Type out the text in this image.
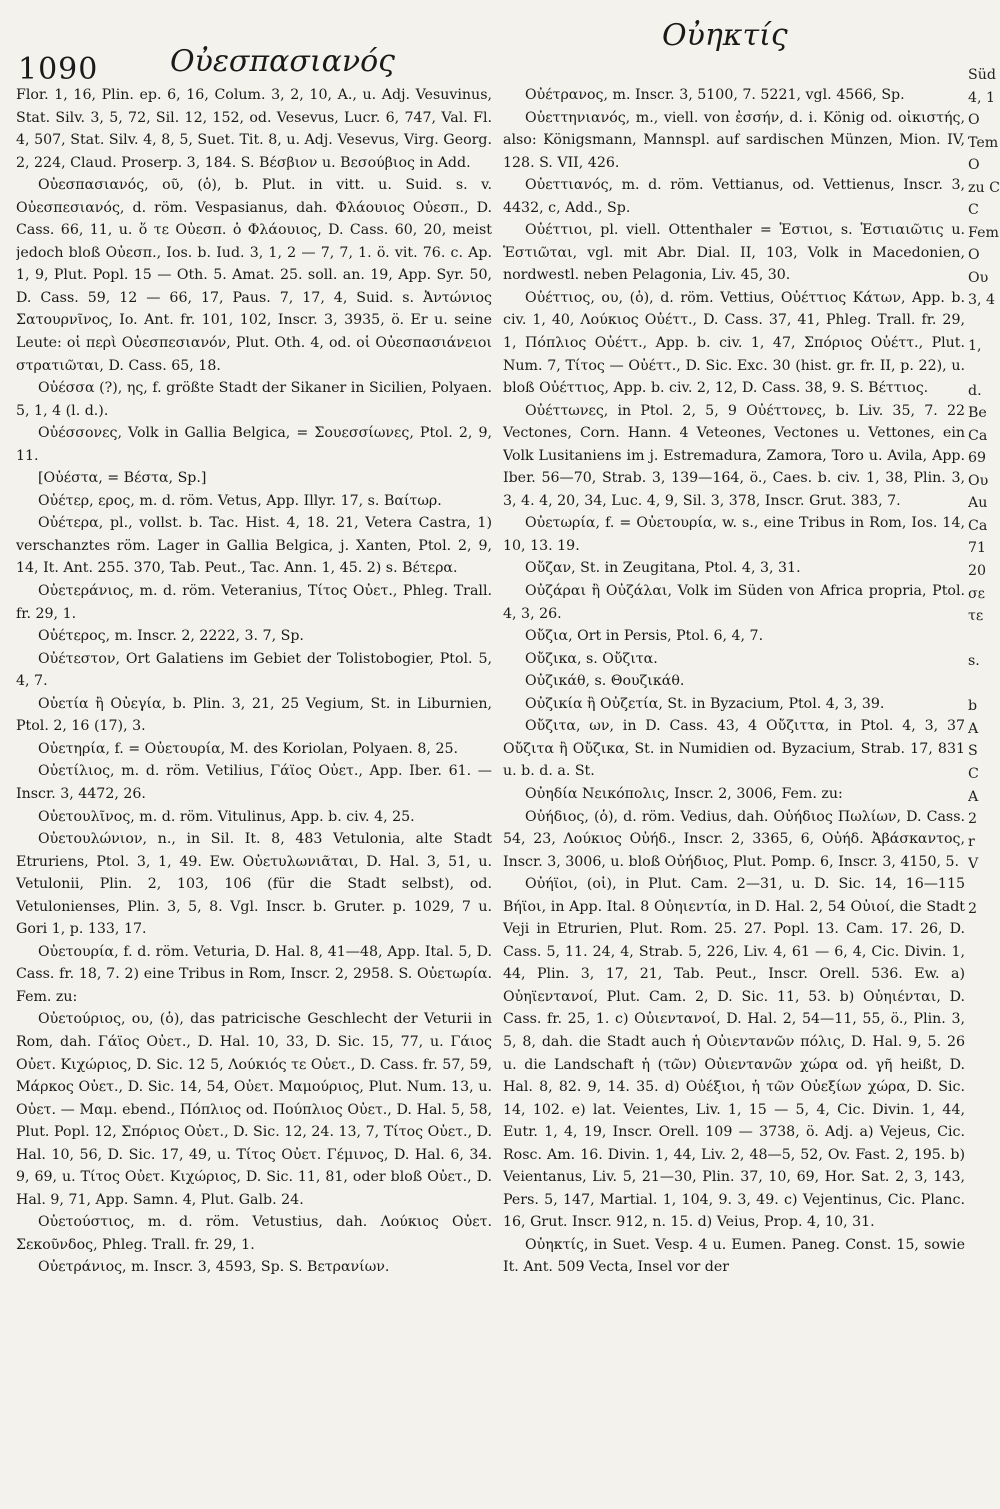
1090 Οὐεσπασιανός
Οὐηκτίς

Flor. 1, 16, Plin. ep. 6, 16, Colum. 3, 2, 10, A., u. Adj. Vesuvinus, Stat. Silv. 3, 5, 72, Sil. 12, 152, od. Vesevus, Lucr. 6, 747, Val. Fl. 4, 507, Stat. Silv. 4, 8, 5, Suet. Tit. 8, u. Adj. Vesevus, Virg. Georg. 2, 224, Claud. Proserp. 3, 184. S. Βέσβιον u. Βεσούβιος in Add.

Οὐεσπασιανός, οῦ, (ὁ), b. Plut. in vitt. u. Suid. s. v. Οὐεσπεσιανός, d. röm. Vespasianus, dah. Φλάουιος Οὐεσπ., D. Cass. 66, 11, u. ὅ τε Οὐεσπ. ὁ Φλάουιος, D. Cass. 60, 20, meist jedoch bloß Οὐεσπ., Ios. b. Iud. 3, 1, 2 — 7, 7, 1. ö. vit. 76. c. Ap. 1, 9, Plut. Popl. 15 — Oth. 5. Amat. 25. soll. an. 19, App. Syr. 50, D. Cass. 59, 12 — 66, 17, Paus. 7, 17, 4, Suid. s. Ἀντώνιος Σατουρνῖνος, Io. Ant. fr. 101, 102, Inscr. 3, 3935, ö. Er u. seine Leute: οἱ περὶ Οὐεσπεσιανόν, Plut. Oth. 4, od. οἱ Οὐεσπασιάνειοι στρατιῶται, D. Cass. 65, 18.

Οὐέσσα (?), ης, f. größte Stadt der Sikaner in Sicilien, Polyaen. 5, 1, 4 (l. d.).

Οὐέσσονες, Volk in Gallia Belgica, = Σουεσσίωνες, Ptol. 2, 9, 11.

[Οὐέστα, = Βέστα, Sp.]

Οὐέτερ, ερος, m. d. röm. Vetus, App. Illyr. 17, s. Βαίτωρ.

Οὐέτερα, pl., vollst. b. Tac. Hist. 4, 18. 21, Vetera Castra, 1) verschanztes röm. Lager in Gallia Belgica, j. Xanten, Ptol. 2, 9, 14, It. Ant. 255. 370, Tab. Peut., Tac. Ann. 1, 45. 2) s. Βέτερα.

Οὐετεράνιος, m. d. röm. Veteranius, Τίτος Οὐετ., Phleg. Trall. fr. 29, 1.

Οὐέτερος, m. Inscr. 2, 2222, 3. 7, Sp.

Οὐέτεστον, Ort Galatiens im Gebiet der Tolistobogier, Ptol. 5, 4, 7.

Οὐετία ἢ Οὐεγία, b. Plin. 3, 21, 25 Vegium, St. in Liburnien, Ptol. 2, 16 (17), 3.

Οὐετηρία, f. = Οὐετουρία, M. des Koriolan, Polyaen. 8, 25.

Οὐετίλιος, m. d. röm. Vetilius, Γάϊος Οὐετ., App. Iber. 61. — Inscr. 3, 4472, 26.

Οὐετουλῖνος, m. d. röm. Vitulinus, App. b. civ. 4, 25.

Οὐετουλώνιον, n., in Sil. It. 8, 483 Vetulonia, alte Stadt Etruriens, Ptol. 3, 1, 49. Ew. Οὐετυλωνιᾶται, D. Hal. 3, 51, u. Vetulonii, Plin. 2, 103, 106 (für die Stadt selbst), od. Vetulonienses, Plin. 3, 5, 8. Vgl. Inscr. b. Gruter. p. 1029, 7 u. Gori 1, p. 133, 17.

Οὐετουρία, f. d. röm. Veturia, D. Hal. 8, 41—48, App. Ital. 5, D. Cass. fr. 18, 7. 2) eine Tribus in Rom, Inscr. 2, 2958. S. Οὐετωρία. Fem. zu:

Οὐετούριος, ου, (ὁ), das patricische Geschlecht der Veturii in Rom, dah. Γάϊος Οὐετ., D. Hal. 10, 33, D. Sic. 15, 77, u. Γάιος Οὐετ. Κιχώριος, D. Sic. 12 5, Λούκιός τε Οὐετ., D. Cass. fr. 57, 59, Μάρκος Οὐετ., D. Sic. 14, 54, Οὐετ. Μαμούριος, Plut. Num. 13, u. Οὐετ. — Μαμ. ebend., Πόπλιος od. Πούπλιος Οὐετ., D. Hal. 5, 58, Plut. Popl. 12, Σπόριος Οὐετ., D. Sic. 12, 24. 13, 7, Τίτος Οὐετ., D. Hal. 10, 56, D. Sic. 17, 49, u. Τίτος Οὐετ. Γέμινος, D. Hal. 6, 34. 9, 69, u. Τίτος Οὐετ. Κιχώριος, D. Sic. 11, 81, oder bloß Οὐετ., D. Hal. 9, 71, App. Samn. 4, Plut. Galb. 24.

Οὐετούστιος, m. d. röm. Vetustius, dah. Λούκιος Οὐετ. Σεκοῦνδος, Phleg. Trall. fr. 29, 1.

Οὐετράνιος, m. Inscr. 3, 4593, Sp. S. Βετρανίων.

Οὐέτρανος, m. Inscr. 3, 5100, 7. 5221, vgl. 4566, Sp.

Οὐεττηνιανός, m., viell. von ἐσσήν, d. i. König od. οἰκιστής, also: Königsmann, Mannspl. auf sardischen Münzen, Mion. IV, 128. S. VII, 426.

Οὐεττιανός, m. d. röm. Vettianus, od. Vettienus, Inscr. 3, 4432, c, Add., Sp.

Οὐέττιοι, pl. viell. Ottenthaler = Ἑστιοι, s. Ἑστιαιῶτις u. Ἑστιῶται, vgl. mit Abr. Dial. II, 103, Volk in Macedonien, nordwestl. neben Pelagonia, Liv. 45, 30.

Οὐέττιος, ου, (ὁ), d. röm. Vettius, Οὐέττιος Κάτων, App. b. civ. 1, 40, Λούκιος Οὐέττ., D. Cass. 37, 41, Phleg. Trall. fr. 29, 1, Πόπλιος Οὐέττ., App. b. civ. 1, 47, Σπόριος Οὐέττ., Plut. Num. 7, Τίτος — Οὐέττ., D. Sic. Exc. 30 (hist. gr. fr. II, p. 22), u. bloß Οὐέττιος, App. b. civ. 2, 12, D. Cass. 38, 9. S. Βέττιος.

Οὐέττωνες, in Ptol. 2, 5, 9 Οὐέττονες, b. Liv. 35, 7. 22 Vectones, Corn. Hann. 4 Veteones, Vectones u. Vettones, ein Volk Lusitaniens im j. Estremadura, Zamora, Toro u. Avila, App. Iber. 56—70, Strab. 3, 139—164, ö., Caes. b. civ. 1, 38, Plin. 3, 3, 4. 4, 20, 34, Luc. 4, 9, Sil. 3, 378, Inscr. Grut. 383, 7.

Οὐετωρία, f. = Οὐετουρία, w. s., eine Tribus in Rom, Ios. 14, 10, 13. 19.

Οὔζαν, St. in Zeugitana, Ptol. 4, 3, 31.

Οὐζάραι ἢ Οὐζάλαι, Volk im Süden von Africa propria, Ptol. 4, 3, 26.

Οὔζια, Ort in Persis, Ptol. 6, 4, 7.

Οὔζικα, s. Οὔζιτα.

Οὐζικάθ, s. Θουζικάθ.

Οὐζικία ἢ Οὐζετία, St. in Byzacium, Ptol. 4, 3, 39.

Οὔζιτα, ων, in D. Cass. 43, 4 Οὔζιττα, in Ptol. 4, 3, 37 Οὔζιτα ἢ Οὔζικα, St. in Numidien od. Byzacium, Strab. 17, 831 u. b. d. a. St.

Οὐηδία Νεικόπολις, Inscr. 2, 3006, Fem. zu:

Οὐήδιος, (ὁ), d. röm. Vedius, dah. Οὐήδιος Πωλίων, D. Cass. 54, 23, Λούκιος Οὐήδ., Inscr. 2, 3365, 6, Οὐήδ. Ἀβάσκαντος, Inscr. 3, 3006, u. bloß Οὐήδιος, Plut. Pomp. 6, Inscr. 3, 4150, 5.

Οὐήϊοι, (οἱ), in Plut. Cam. 2—31, u. D. Sic. 14, 16—115 Βήϊοι, in App. Ital. 8 Οὐηιεντία, in D. Hal. 2, 54 Οὐιοί, die Stadt Veji in Etrurien, Plut. Rom. 25. 27. Popl. 13. Cam. 17. 26, D. Cass. 5, 11. 24, 4, Strab. 5, 226, Liv. 4, 61 — 6, 4, Cic. Divin. 1, 44, Plin. 3, 17, 21, Tab. Peut., Inscr. Orell. 536. Ew. a) Οὐηϊεντανοί, Plut. Cam. 2, D. Sic. 11, 53. b) Οὐηιένται, D. Cass. fr. 25, 1. c) Οὐιεντανοί, D. Hal. 2, 54—11, 55, ö., Plin. 3, 5, 8, dah. die Stadt auch ἡ Οὐιεντανῶν πόλις, D. Hal. 9, 5. 26 u. die Landschaft ἡ (τῶν) Οὐιεντανῶν χώρα od. γῆ heißt, D. Hal. 8, 82. 9, 14. 35. d) Οὐέξιοι, ἡ τῶν Οὐεξίων χώρα, D. Sic. 14, 102. e) lat. Veientes, Liv. 1, 15 — 5, 4, Cic. Divin. 1, 44, Eutr. 1, 4, 19, Inscr. Orell. 109 — 3738, ö. Adj. a) Vejeus, Cic. Rosc. Am. 16. Divin. 1, 44, Liv. 2, 48—5, 52, Ov. Fast. 2, 195. b) Veientanus, Liv. 5, 21—30, Plin. 37, 10, 69, Hor. Sat. 2, 3, 143, Pers. 5, 147, Martial. 1, 104, 9. 3, 49. c) Vejentinus, Cic. Planc. 16, Grut. Inscr. 912, n. 15. d) Veius, Prop. 4, 10, 31.

Οὐηκτίς, in Suet. Vesp. 4 u. Eumen. Paneg. Const. 15, sowie It. Ant. 509 Vecta, Insel vor der

Süd
4, 1
O
Tem
O
zu C
C
Fem
O
Ου
3, 4
1,
d.
Be
Ca
69
Ου
Au
Ca
71
20
σε
τε
s.
b
A
S
C
A
2
r
V
2
